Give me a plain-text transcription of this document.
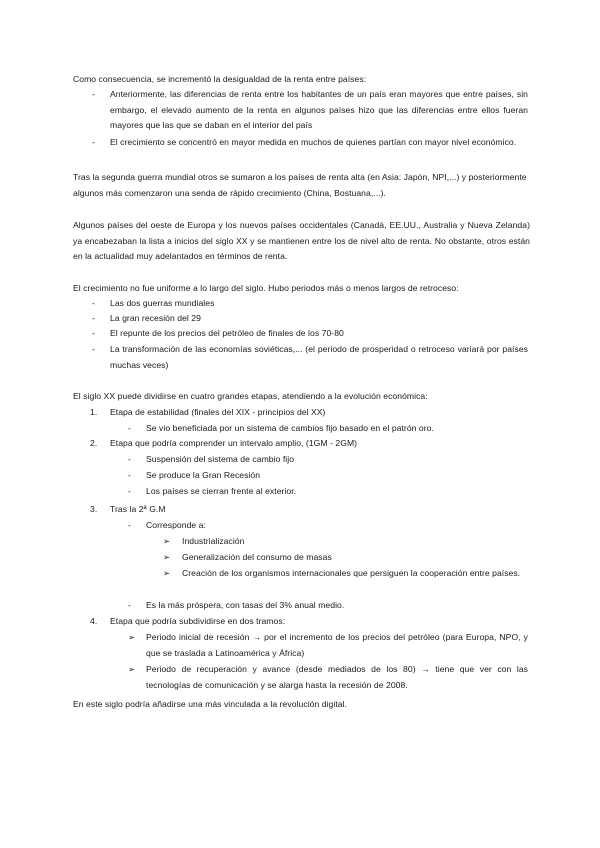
Como consecuencia, se incrementó la desigualdad de la renta entre países:

- Anteriormente, las diferencias de renta entre los habitantes de un país eran mayores que entre países, sin embargo, el elevado aumento de la renta en algunos países hizo que las diferencias entre ellos fueran mayores que las que se daban en el interior del país

- El crecimiento se concentró en mayor medida en muchos de quienes partían con mayor nivel económico.

Tras la segunda guerra mundial otros se sumaron a los países de renta alta (en Asia: Japón, NPI,...) y posteriormente algunos más comenzaron una senda de rápido crecimiento (China, Bostuana,...).

Algunos países del oeste de Europa y los nuevos países occidentales (Canadá, EE.UU., Australia y Nueva Zelanda) ya encabezaban la lista a inicios del siglo XX y se mantienen entre los de nivel alto de renta. No obstante, otros están en la actualidad muy adelantados en términos de renta.

El crecimiento no fue uniforme a lo largo del siglo. Hubo periodos más o menos largos de retroceso:

- Las dos guerras mundiales

- La gran recesión del 29

- El repunte de los precios del petróleo de finales de los 70-80

- La transformación de las economías soviéticas,... (el periodo de prosperidad o retroceso variará por países muchas veces)

El siglo XX puede dividirse en cuatro grandes etapas, atendiendo a la evolución económica:

1. Etapa de estabilidad (finales del XIX - principios del XX)

- Se vio beneficiada por un sistema de cambios fijo basado en el patrón oro.

2. Etapa que podría comprender un intervalo amplio, (1GM - 2GM)

- Suspensión del sistema de cambio fijo

- Se produce la Gran Recesión

- Los países se cierran frente al exterior.

3. Tras la 2ª G.M

- Corresponde a:

➢ Industrialización

➢ Generalización del consumo de masas

➢ Creación de los organismos internacionales que persiguen la cooperación entre países.

- Es la más próspera, con tasas del 3% anual medio.

4. Etapa que podría subdividirse en dos tramos:

➢ Periodo inicial de recesión → por el incremento de los precios del petróleo (para Europa, NPO, y que se traslada a Latinoamérica y África)

➢ Periodo de recuperación y avance (desde mediados de los 80) → tiene que ver con las tecnologías de comunicación y se alarga hasta la recesión de 2008.

En este siglo podría añadirse una más vinculada a la revolución digital.
